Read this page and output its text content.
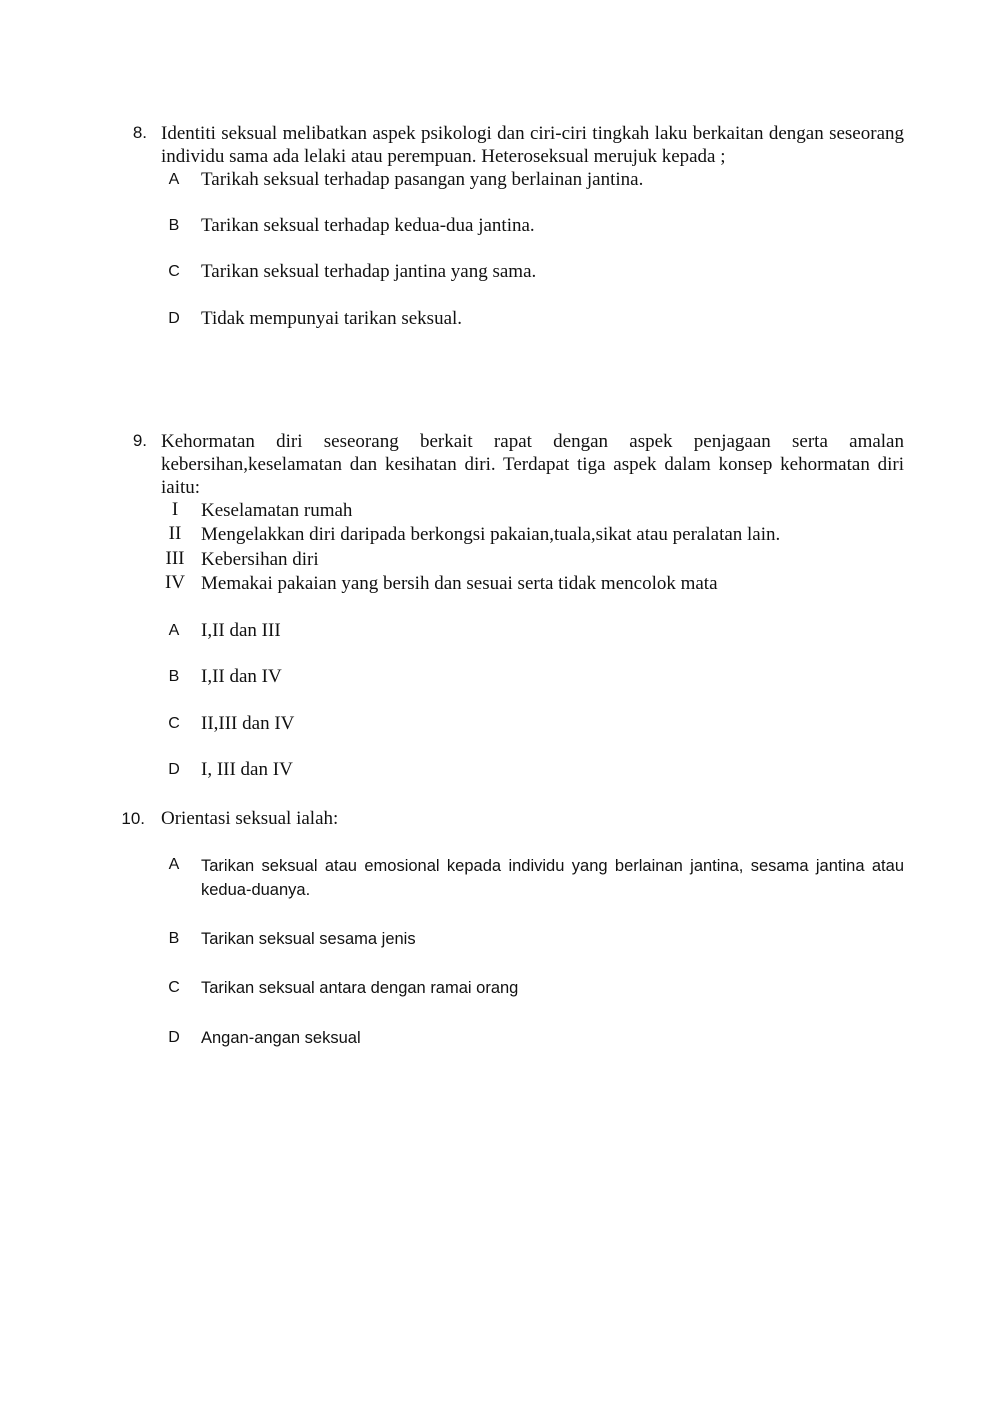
8. Identiti seksual melibatkan aspek psikologi dan ciri-ciri tingkah laku berkaitan dengan seseorang individu sama ada lelaki atau perempuan. Heteroseksual merujuk kepada ;
A	Tarikah seksual terhadap pasangan yang berlainan jantina.
B	Tarikan seksual terhadap kedua-dua jantina.
C	Tarikan seksual terhadap jantina yang sama.
D	Tidak mempunyai tarikan seksual.
9. Kehormatan diri seseorang berkait rapat dengan aspek penjagaan serta amalan kebersihan,keselamatan dan kesihatan diri. Terdapat tiga aspek dalam konsep kehormatan diri iaitu:
I	Keselamatan rumah
II	Mengelakkan diri daripada berkongsi pakaian,tuala,sikat atau peralatan lain.
III Kebersihan diri
IV Memakai pakaian yang bersih dan sesuai serta tidak mencolok mata
A	I,II dan III
B	I,II dan IV
C	II,III dan IV
D	I, III dan IV
10. Orientasi seksual ialah:
A	Tarikan seksual atau emosional kepada individu yang berlainan jantina, sesama jantina atau kedua-duanya.
B	Tarikan seksual sesama jenis
C	Tarikan seksual antara dengan ramai orang
D	Angan-angan seksual
